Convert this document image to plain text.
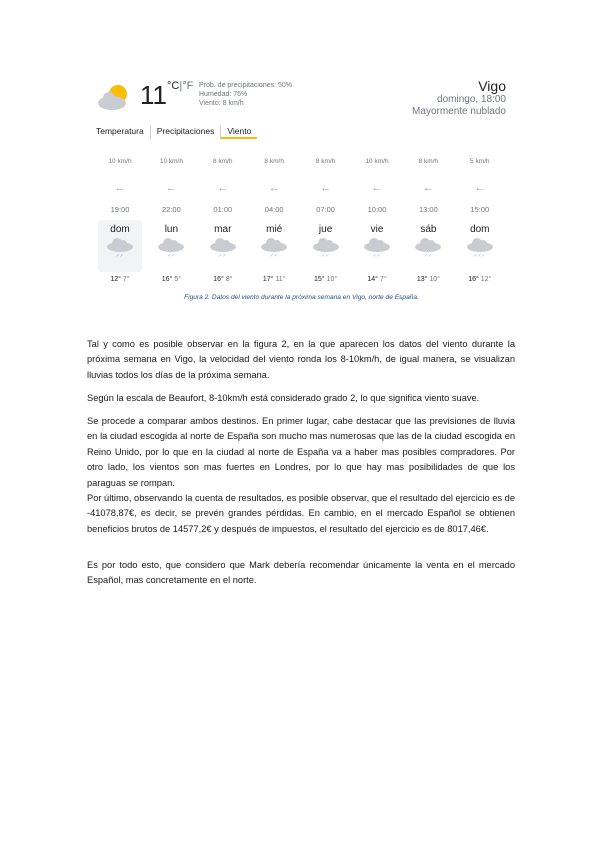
11 °C|°F Prob. de precipitaciones: 50%
Humedad: 76%
Viento: 8 km/h
Vigo
domingo, 18:00
Mayormente nublado
Temperatura	Precipitaciones	Viento
10 km/h
←
19:00
dom
⸝⸝
12° 7°
10 km/h
←
22:00
lun
⸝⸝
16° 5°
8 km/h
←
01:00
mar
⸝⸝
16° 8°
8 km/h
←
04:00
mié
⸝⸝
17° 11°
8 km/h
←
07:00
jue
⸝⸝
15° 10°
10 km/h
←
10:00
vie
⸝⸝
14° 7°
8 km/h
←
13:00
sáb
⸝⸝
13° 10°
5 km/h
←
15:00
dom
⸝⸝⸝
16° 12°
Figura 2. Datos del viento durante la próxima semana en Vigo, norte de España.

Tal y como es posible observar en la figura 2, en la que aparecen los datos del viento durante la próxima semana en Vigo, la velocidad del viento ronda los 8-10km/h, de igual manera, se visualizan lluvias todos los días de la próxima semana.

Según la escala de Beaufort, 8-10km/h está considerado grado 2, lo que significa viento suave.

Se procede a comparar ambos destinos. En primer lugar, cabe destacar que las previsiones de lluvia en la ciudad escogida al norte de España son mucho mas numerosas que las de la ciudad escogida en Reino Unido, por lo que en la ciudad al norte de España va a haber mas posibles compradores. Por otro lado, los vientos son mas fuertes en Londres, por lo que hay mas posibilidades de que los paraguas se rompan.

Por último, observando la cuenta de resultados, es posible observar, que el resultado del ejercicio es de -41078,87€, es decir, se prevén grandes pérdidas. En cambio, en el mercado Español se obtienen beneficios brutos de 14577,2€ y después de impuestos, el resultado del ejercicio es de 8017,46€.

Es por todo esto, que considero que Mark debería recomendar únicamente la venta en el mercado Español, mas concretamente en el norte.
